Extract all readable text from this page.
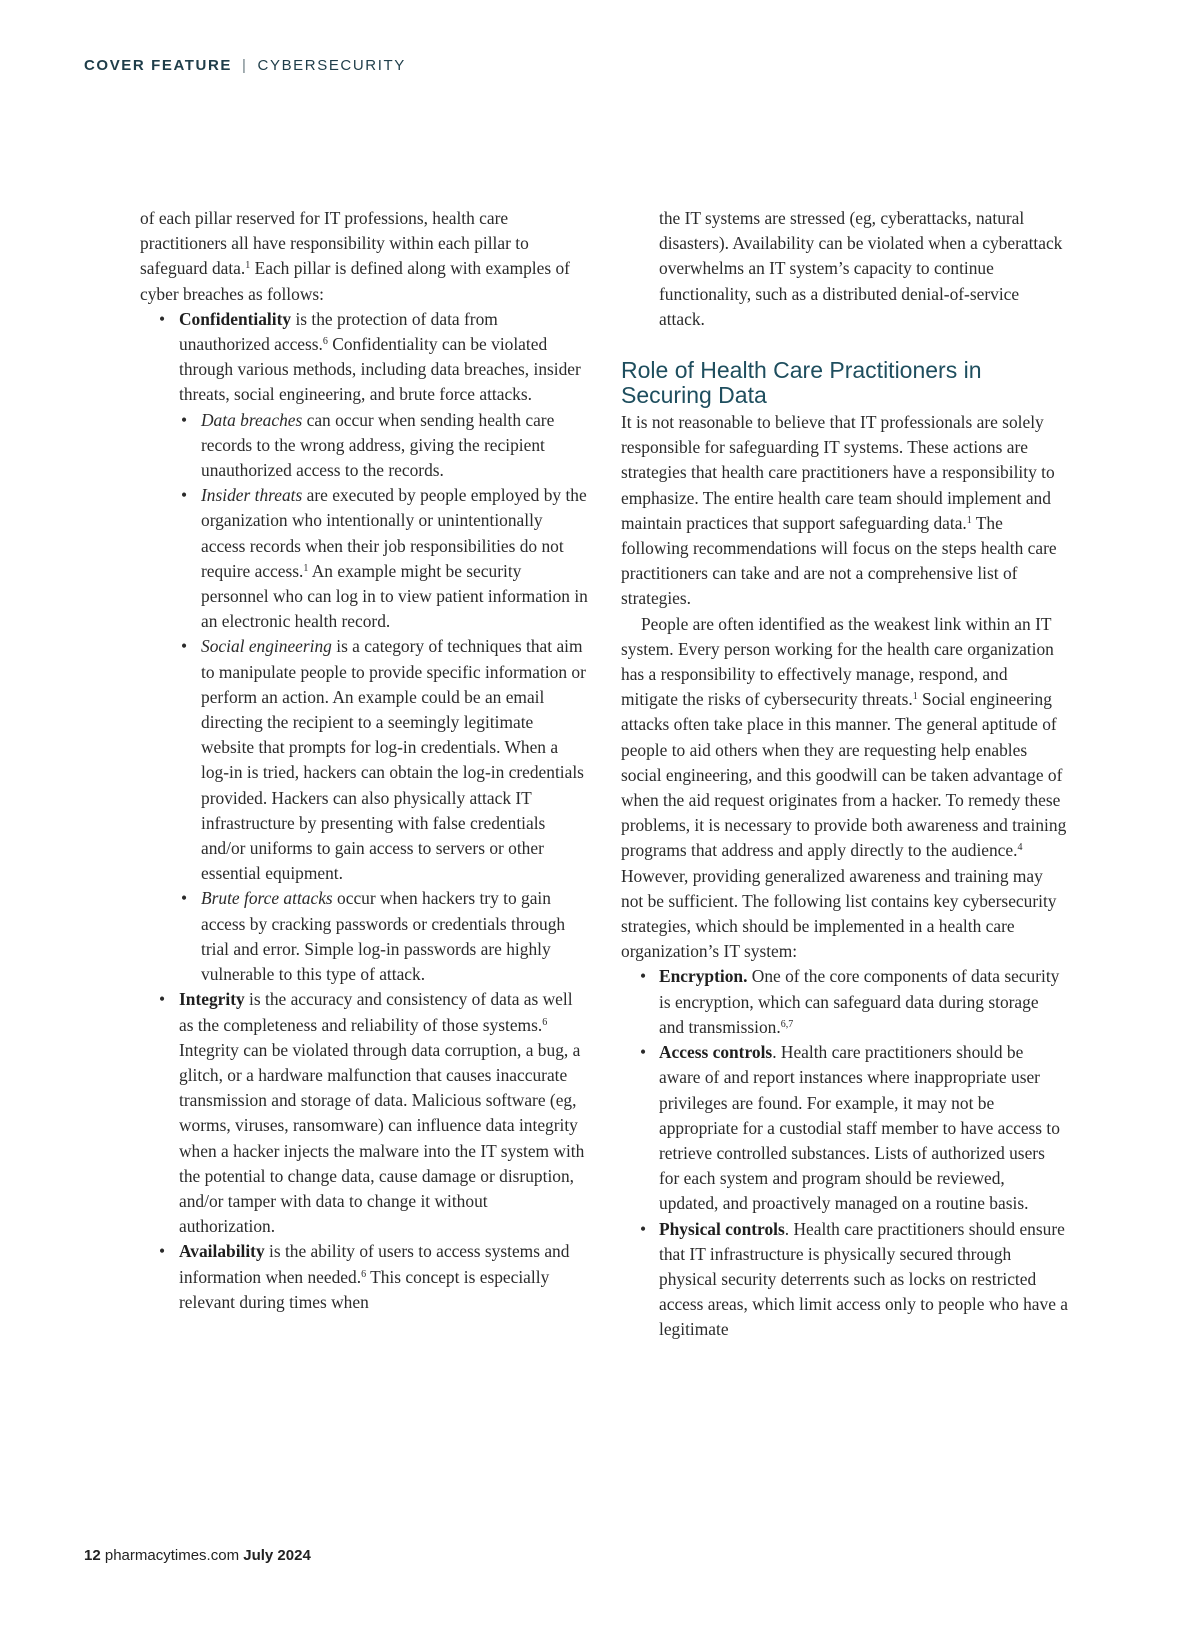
COVER FEATURE | CYBERSECURITY

of each pillar reserved for IT professions, health care practitioners all have responsibility within each pillar to safeguard data.$^1$ Each pillar is defined along with examples of cyber breaches as follows:

• Confidentiality is the protection of data from unauthorized access.$^6$ Confidentiality can be violated through various methods, including data breaches, insider threats, social engineering, and brute force attacks.
• Data breaches can occur when sending health care records to the wrong address, giving the recipient unauthorized access to the records.
• Insider threats are executed by people employed by the organization who intentionally or unintentionally access records when their job responsibilities do not require access.$^1$ An example might be security personnel who can log in to view patient information in an electronic health record.
• Social engineering is a category of techniques that aim to manipulate people to provide specific information or perform an action. An example could be an email directing the recipient to a seemingly legitimate website that prompts for log-in credentials. When a log-in is tried, hackers can obtain the log-in credentials provided. Hackers can also physically attack IT infrastructure by presenting with false credentials and/or uniforms to gain access to servers or other essential equipment.
• Brute force attacks occur when hackers try to gain access by cracking passwords or credentials through trial and error. Simple log-in passwords are highly vulnerable to this type of attack.
• Integrity is the accuracy and consistency of data as well as the completeness and reliability of those systems.$^6$ Integrity can be violated through data corruption, a bug, a glitch, or a hardware malfunction that causes inaccurate transmission and storage of data. Malicious software (eg, worms, viruses, ransomware) can influence data integrity when a hacker injects the malware into the IT system with the potential to change data, cause damage or disruption, and/or tamper with data to change it without authorization.
• Availability is the ability of users to access systems and information when needed.$^6$ This concept is especially relevant during times when

the IT systems are stressed (eg, cyberattacks, natural disasters). Availability can be violated when a cyberattack overwhelms an IT system’s capacity to continue functionality, such as a distributed denial-of-service attack.

Role of Health Care Practitioners in Securing Data

It is not reasonable to believe that IT professionals are solely responsible for safeguarding IT systems. These actions are strategies that health care practitioners have a responsibility to emphasize. The entire health care team should implement and maintain practices that support safeguarding data.$^1$ The following recommendations will focus on the steps health care practitioners can take and are not a comprehensive list of strategies.

People are often identified as the weakest link within an IT system. Every person working for the health care organization has a responsibility to effectively manage, respond, and mitigate the risks of cybersecurity threats.$^1$ Social engineering attacks often take place in this manner. The general aptitude of people to aid others when they are requesting help enables social engineering, and this goodwill can be taken advantage of when the aid request originates from a hacker. To remedy these problems, it is necessary to provide both awareness and training programs that address and apply directly to the audience.$^4$ However, providing generalized awareness and training may not be sufficient. The following list contains key cybersecurity strategies, which should be implemented in a health care organization’s IT system:

• Encryption. One of the core components of data security is encryption, which can safeguard data during storage and transmission.$^{6,7}$
• Access controls. Health care practitioners should be aware of and report instances where inappropriate user privileges are found. For example, it may not be appropriate for a custodial staff member to have access to retrieve controlled substances. Lists of authorized users for each system and program should be reviewed, updated, and proactively managed on a routine basis.
• Physical controls. Health care practitioners should ensure that IT infrastructure is physically secured through physical security deterrents such as locks on restricted access areas, which limit access only to people who have a legitimate
12 pharmacytimes.com July 2024
